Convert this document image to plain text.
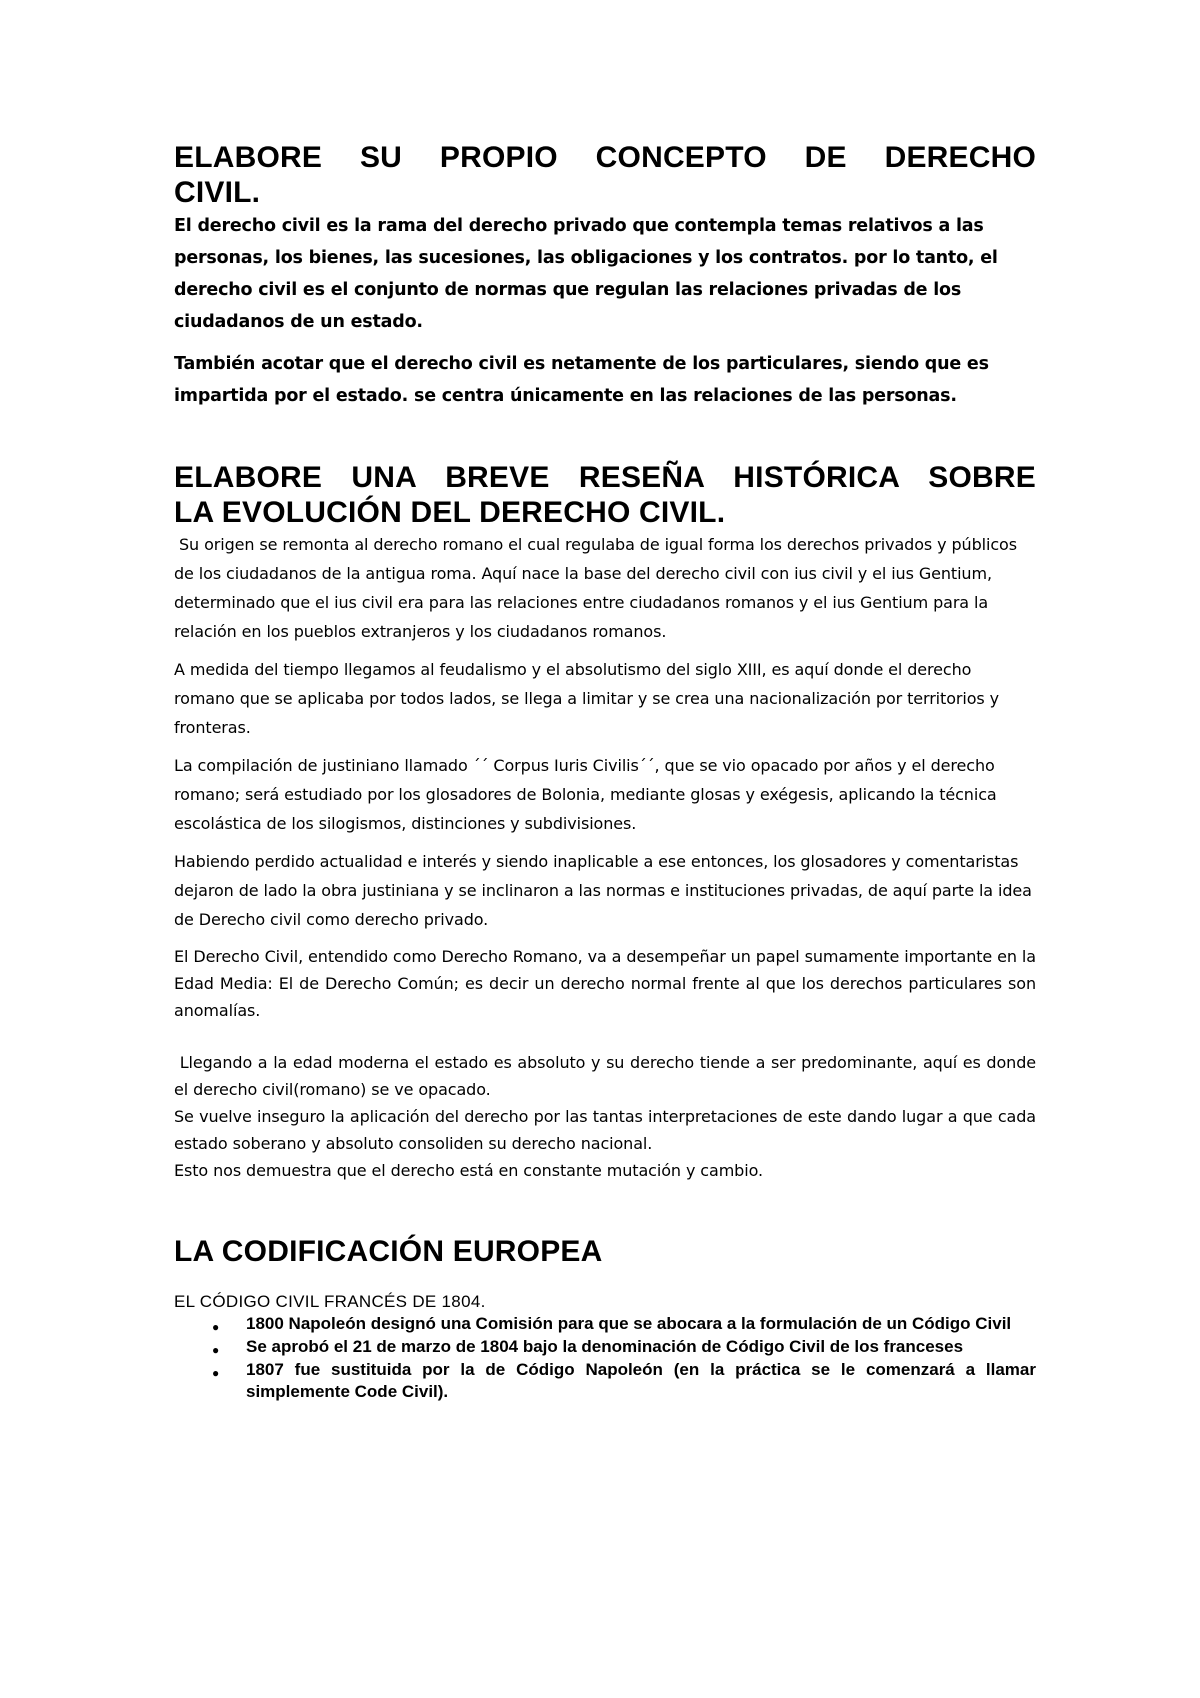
ELABORE SU PROPIO CONCEPTO DE DERECHO
CIVIL.

El derecho civil es la rama del derecho privado que contempla temas relativos a las personas, los bienes, las sucesiones, las obligaciones y los contratos. por lo tanto, el derecho civil es el conjunto de normas que regulan las relaciones privadas de los ciudadanos de un estado.

También acotar que el derecho civil es netamente de los particulares, siendo que es impartida por el estado. se centra únicamente en las relaciones de las personas.

ELABORE UNA BREVE RESEÑA HISTÓRICA SOBRE
LA EVOLUCIÓN DEL DERECHO CIVIL.

Su origen se remonta al derecho romano el cual regulaba de igual forma los derechos privados y públicos de los ciudadanos de la antigua roma. Aquí nace la base del derecho civil con ius civil y el ius Gentium, determinado que el ius civil era para las relaciones entre ciudadanos romanos y el ius Gentium para la relación en los pueblos extranjeros y los ciudadanos romanos.

A medida del tiempo llegamos al feudalismo y el absolutismo del siglo XIII, es aquí donde el derecho romano que se aplicaba por todos lados, se llega a limitar y se crea una nacionalización por territorios y fronteras.

La compilación de justiniano llamado ´´ Corpus Iuris Civilis´´, que se vio opacado por años y el derecho romano; será estudiado por los glosadores de Bolonia, mediante glosas y exégesis, aplicando la técnica escolástica de los silogismos, distinciones y subdivisiones.

Habiendo perdido actualidad e interés y siendo inaplicable a ese entonces, los glosadores y comentaristas dejaron de lado la obra justiniana y se inclinaron a las normas e instituciones privadas, de aquí parte la idea de Derecho civil como derecho privado.

El Derecho Civil, entendido como Derecho Romano, va a desempeñar un papel sumamente importante en la Edad Media: El de Derecho Común; es decir un derecho normal frente al que los derechos particulares son anomalías.

Llegando a la edad moderna el estado es absoluto y su derecho tiende a ser predominante, aquí es donde el derecho civil(romano) se ve opacado.

Se vuelve inseguro la aplicación del derecho por las tantas interpretaciones de este dando lugar a que cada estado soberano y absoluto consoliden su derecho nacional.

Esto nos demuestra que el derecho está en constante mutación y cambio.

LA CODIFICACIÓN EUROPEA

EL CÓDIGO CIVIL FRANCÉS DE 1804.

● 1800 Napoleón designó una Comisión para que se abocara a la formulación de un Código Civil
● Se aprobó el 21 de marzo de 1804 bajo la denominación de Código Civil de los franceses
● 1807 fue sustituida por la de Código Napoleón (en la práctica se le comenzará a llamar simplemente Code Civil).
